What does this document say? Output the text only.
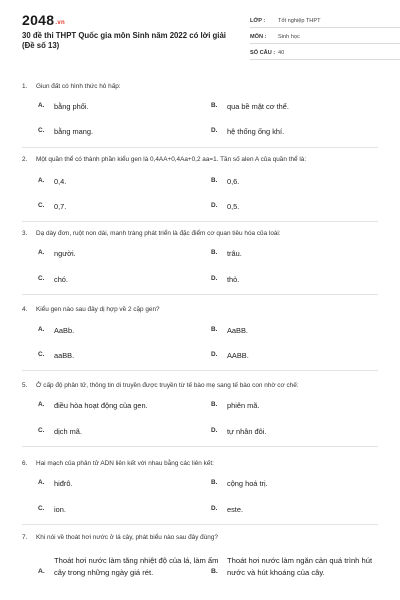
2048.vn
30 đề thi THPT Quốc gia môn Sinh năm 2022 có lời giải (Đề số 13)
LỚP :	Tốt nghiệp THPT
MÔN :	Sinh học
SỐ CÂU : 40
1. Giun đất có hình thức hô hấp:
A.	bằng phổi.	B.	qua bề mặt cơ thể.
C.	bằng mang.	D.	hệ thống ống khí.
2. Một quần thể có thành phần kiểu gen là 0,4AA+0,4Aa+0,2 aa=1. Tần số alen A của quần thể là:
A.	0,4.	B.	0,6.
C.	0,7.	D.	0,5.
3. Dạ dày đơn, ruột non dài, manh tràng phát triển là đặc điểm cơ quan tiêu hóa của loài:
A.	người.	B.	trâu.
C.	chó.	D.	thỏ.
4. Kiểu gen nào sau đây dị hợp về 2 cặp gen?
A.	AaBb.	B.	AaBB.
C.	aaBB.	D.	AABB.
5. Ở cấp độ phân tử, thông tin di truyền được truyền từ tế bào mẹ sang tế bào con nhờ cơ chế:
A.	điều hòa hoạt động của gen.	B.	phiên mã.
C.	dịch mã.	D.	tự nhân đôi.
6. Hai mạch của phân tử ADN liên kết với nhau bằng các liên kết:
A.	hiđrô.	B.	cộng hoá trị.
C.	ion.	D.	este.
7. Khi nói về thoát hơi nước ở lá cây, phát biểu nào sau đây đúng?
A.
Thoát hơi nước làm tăng nhiệt độ của lá, làm ấm cây trong những ngày giá rét.	B.
Thoát hơi nước làm ngăn cản quá trình hút nước và hút khoáng của cây.
